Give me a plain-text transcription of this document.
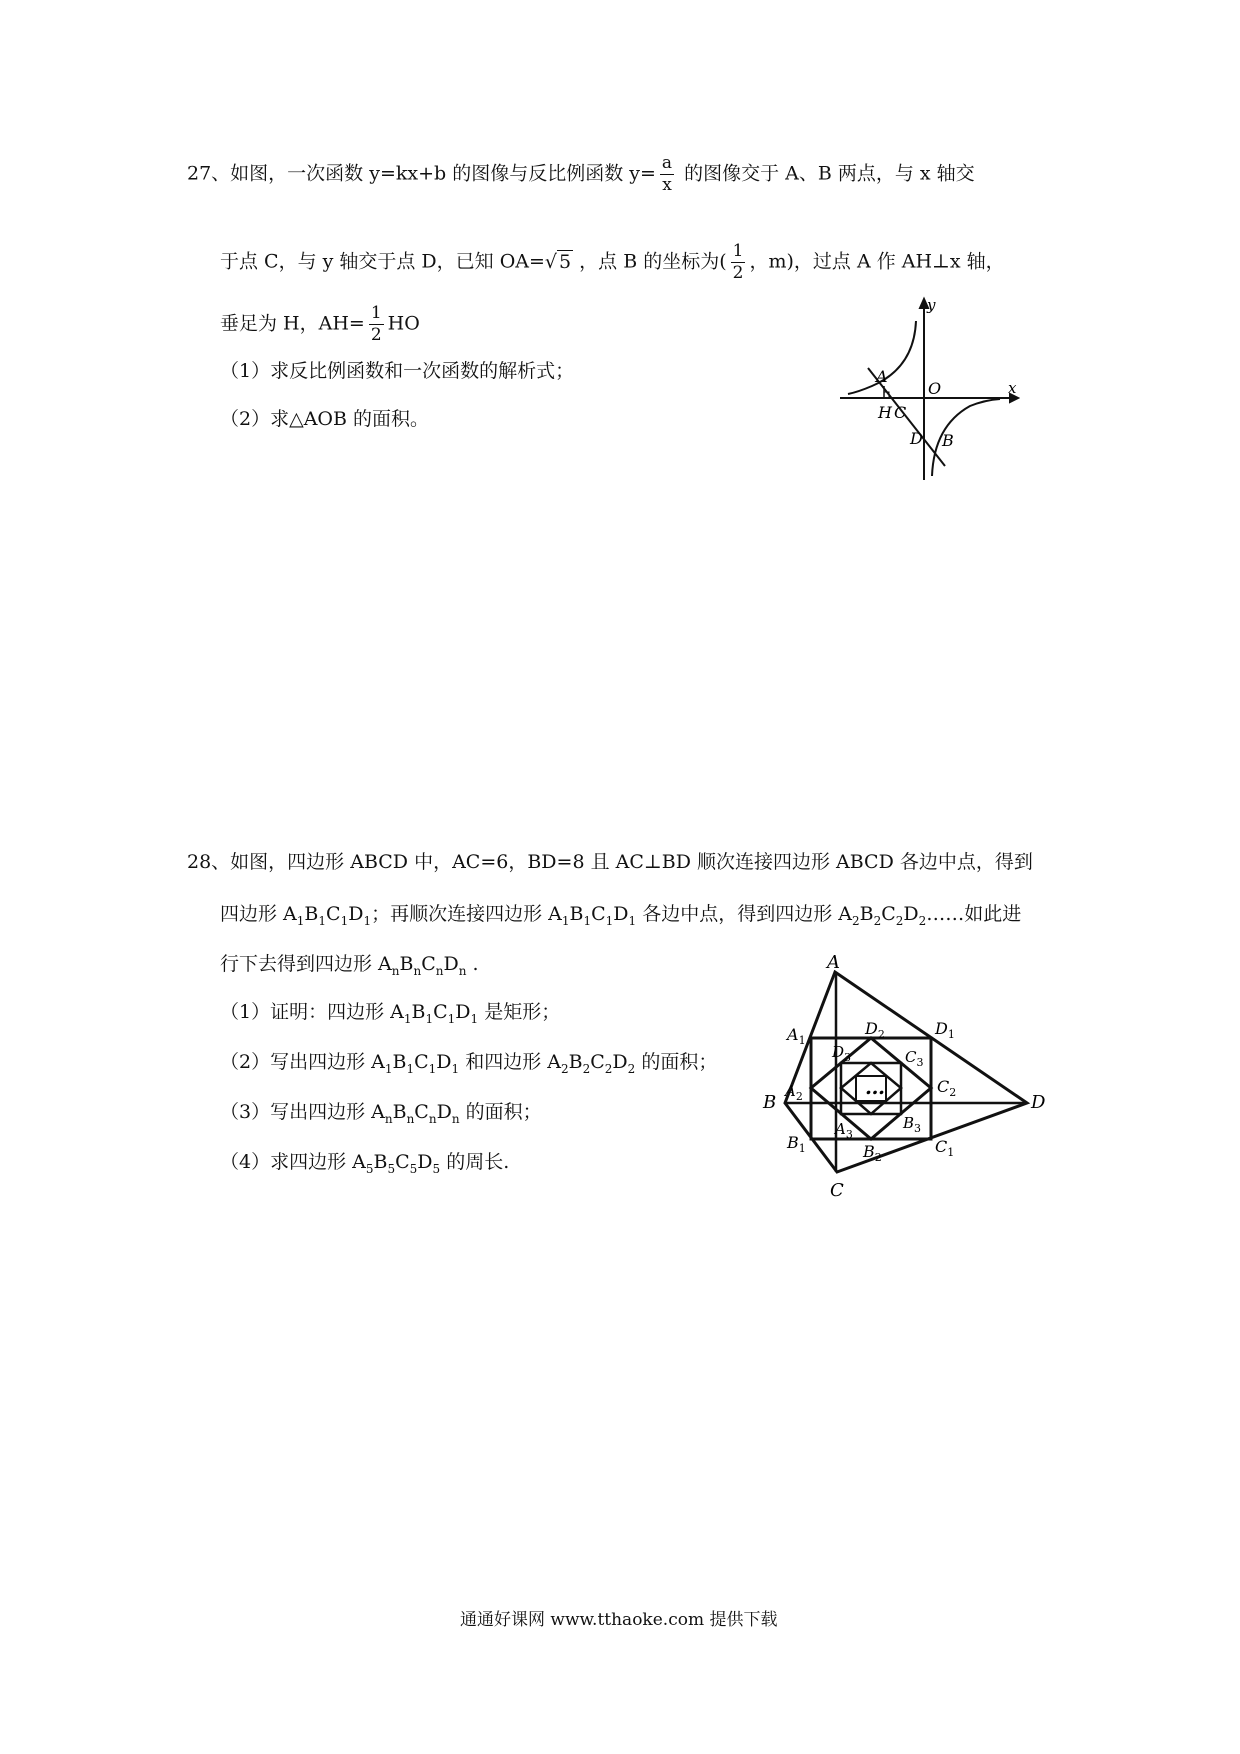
27、如图，一次函数 y=kx+b 的图像与反比例函数 $y= \frac{a}{x}$ 的图像交于 A、B 两点，与 x 轴交
于点 C，与 y 轴交于点 D，已知 OA=√ 5 ，点 B 的坐标为( $\frac{1}{2}$ ，m)，过点 A 作 AH⊥x 轴，
垂足为 H，$AH= \frac{1}{2}$ HO
（1）求反比例函数和一次函数的解析式；
（2）求△AOB 的面积。
y
x
O
A
H C
D B
28、如图，四边形 ABCD 中，AC=6，BD=8 且 AC⊥BD 顺次连接四边形 ABCD 各边中点，得到
四边形 $A_1B_1C_1D_1$；再顺次连接四边形 $A_1B_1C_1D_1$ 各边中点，得到四边形 $A_2B_2C_2D_2\dots\dots$如此进
行下去得到四边形 $A_nB_nC_nD_n$ .
（1）证明：四边形 $A_1B_1C_1D_1$ 是矩形；
（2）写出四边形 $A_1B_1C_1D_1$ 和四边形 $A_2B_2C_2D_2$ 的面积；
（3）写出四边形 $A_nB_nC_nD_n$ 的面积；
（4）求四边形 $A_5B_5C_5D_5$ 的周长.
…
A
B
C
D
$A_1$
$B_1$	$C_1$
$D_1$
$A_2$
$B_2$
$C_2$
$D_2$
$A_3$
$B_3$
$C_3$
$D_3$
通通好课网 www.tthaoke.com 提供下载
